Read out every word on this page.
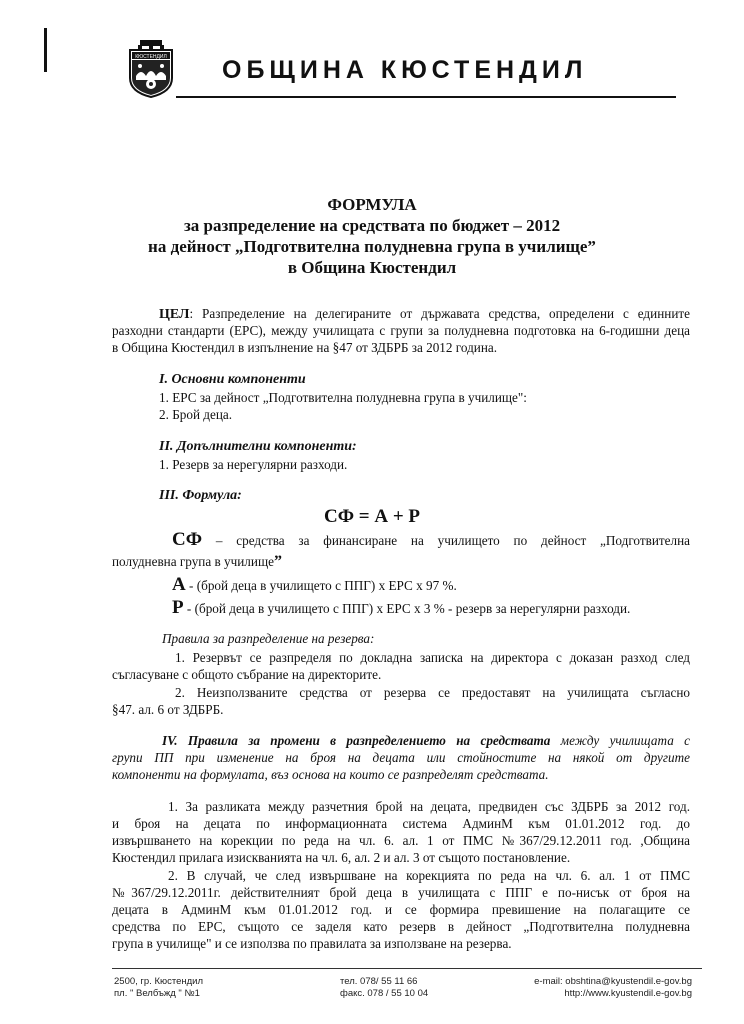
КЮСТЕНДИЛ ОБЩИНА КЮСТЕНДИЛ
ФОРМУЛА
за разпределение на средствата по бюджет – 2012
на дейност „Подготвителна полудневна група в училище”
в Община Кюстендил
ЦЕЛ: Разпределение на делегираните от държавата средства, определени с единните
разходни стандарти (ЕРС), между училищата с групи за полудневна подготовка на 6-годишни деца
в Община Кюстендил в изпълнение на §47 от ЗДБРБ за 2012 година.
I. Основни компоненти
1. ЕРС за дейност „Подготвителна полудневна група в училище":
2. Брой деца.
II. Допълнителни компоненти:
1. Резерв за нерегулярни разходи.
III. Формула:
СФ = А + Р
СФ – средства за финансиране на училището по дейност „Подготвителна
полудневна група в училище”
А - (брой деца в училището с ППГ) х ЕРС х 97 %.
Р - (брой деца в училището с ППГ) х ЕРС х 3 % - резерв за нерегулярни разходи.
Правила за разпределение на резерва:
1. Резервът се разпределя по докладна записка на директора с доказан разход след
съгласуване с общото събрание на директорите.
2. Неизползваните средства от резерва се предоставят на училищата съгласно
§47. ал. 6 от ЗДБРБ.
IV. Правила за промени в разпределението на средствата между училищата с
групи ПП при изменение на броя на децата или стойностите на някой от другите
компоненти на формулата, въз основа на които се разпределят средствата.
1. За разликата между разчетния брой на децата, предвиден със ЗДБРБ за 2012 год.
и броя на децата по информационната система АдминМ към 01.01.2012 год. до
извършването на корекции по реда на чл. 6. ал. 1 от ПМС №367/29.12.2011 год. ,Община
Кюстендил прилага изискванията на чл. 6, ал. 2 и ал. 3 от същото постановление.
2. В случай, че след извършване на корекцията по реда на чл. 6. ал. 1 от ПМС
№367/29.12.2011г. действителният брой деца в училищата с ППГ е по-нисък от броя на
децата в АдминМ към 01.01.2012 год. и се формира превишение на полагащите се
средства по ЕРС, същото се заделя като резерв в дейност „Подготвителна полудневна
група в училище" и се използва по правилата за използване на резерва.
2500, гр. Кюстендил
пл. " Велбъжд " №1
тел. 078/ 55 11 66
факс. 078 / 55 10 04
e-mail: obshtina@kyustendil.e-gov.bg
http://www.kyustendil.e-gov.bg
